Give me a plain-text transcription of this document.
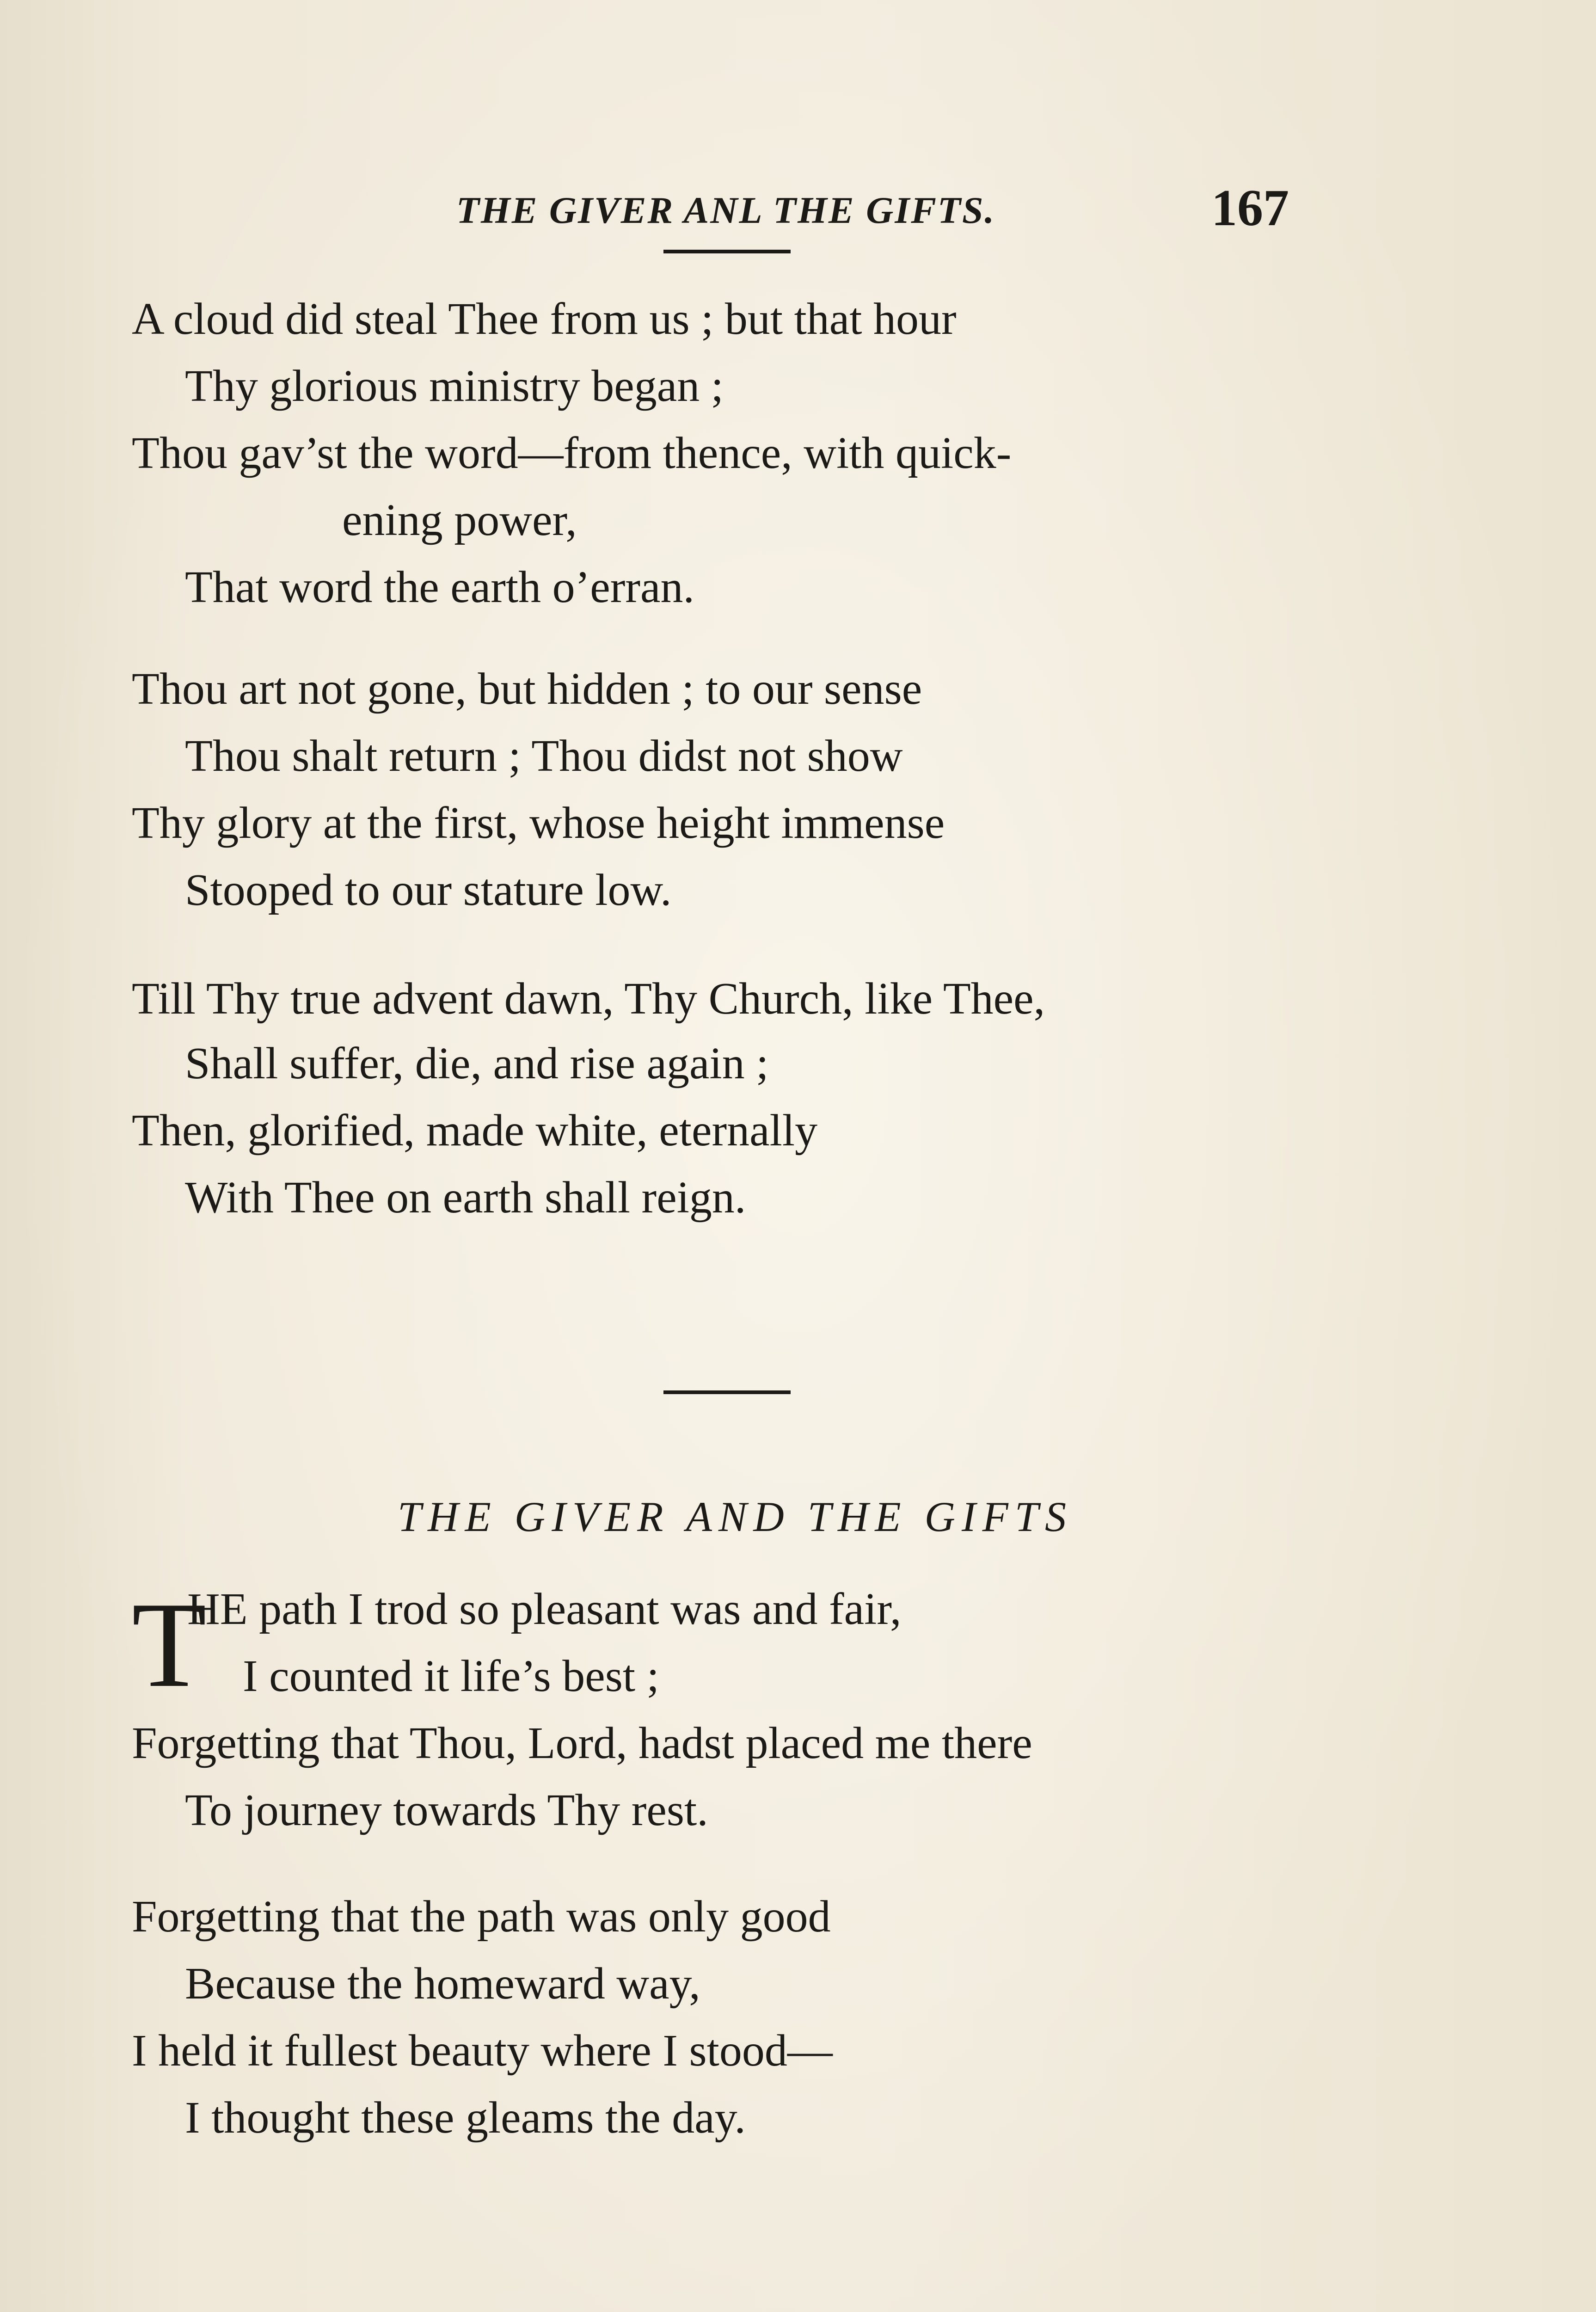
THE GIVER ANL THE GIFTS.	167
A cloud did steal Thee from us ; but that hour
Thy glorious ministry began ;
Thou gav’st the word—from thence, with quick-
ening power,
That word the earth o’erran.
Thou art not gone, but hidden ; to our sense
Thou shalt return ; Thou didst not show
Thy glory at the first, whose height immense
Stooped to our stature low.
Till Thy true advent dawn, Thy Church, like Thee,
Shall suffer, die, and rise again ;
Then, glorified, made white, eternally
With Thee on earth shall reign.
THE GIVER AND THE GIFTS
T
HE path I trod so pleasant was and fair,
I counted it life’s best ;
Forgetting that Thou, Lord, hadst placed me there
To journey towards Thy rest.
Forgetting that the path was only good
Because the homeward way,
I held it fullest beauty where I stood—
I thought these gleams the day.
